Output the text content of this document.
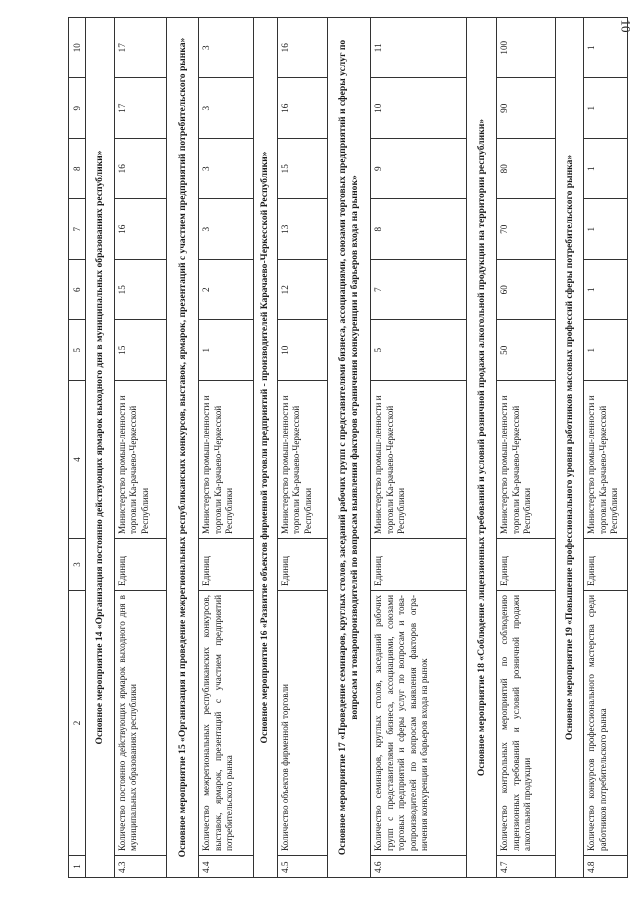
10
1	2	3	4	5	6	7	8	9	10
Основное мероприятие 14 «Организация постоянно действующих ярмарок выходного дня в муниципальных образованиях республики»									
4.3	Количество постоянно действующих ярмарок выходного дня в муниципальных образованиях республики	Единиц	Министерство промыш-ленности и торговли Ка-рачаево-Черкесской Республики	15	15	16	16	17	17
Основное мероприятие 15 «Организация и проведение межрегиональных республиканских конкурсов, выставок, ярмарок, презентаций с участием предприятий потребительского рынка»									
4.4	Количество межрегиональных республиканских конкурсов, выставок, ярмарок, презентаций с участием предприятий потребительского рынка	Единиц	Министерство промыш-ленности и торговли Ка-рачаево-Черкесской Республики	1	2	3	3	3	3
Основное мероприятие 16 «Развитие объектов фирменной торговли предприятий - производителей Карачаево-Черкесской Республики»									
4.5	Количество объектов фирменной торговли	Единиц	Министерство промыш-ленности и торговли Ка-рачаево-Черкесской Республики	10	12	13	15	16	16
Основное мероприятие 17 «Проведение семинаров, круглых столов, заседаний рабочих групп с представителями бизнеса, ассоциациями, союзами торговых предприятий и сферы услуг по вопросам и товаропроизводителей по вопросам выявления факторов ограничения конкуренции и барьеров входа на рынок»									
4.6	Количество семинаров, круглых столов, заседаний рабочих групп с представителями бизнеса, ассоциациями, союзами торговых предприятий и сферы услуг по вопросам и това-ропроизводителей по вопросам выявления факторов огра-ничения конкуренции и барьеров входа на рынок	Единиц	Министерство промыш-ленности и торговли Ка-рачаево-Черкесской Республики	5	7	8	9	10	11
Основное мероприятие 18 «Соблюдение лицензионных требований и условий розничной продажи алкогольной продукции на территории республики»									
4.7	Количество контрольных мероприятий по соблюдению лицензионных требований и условий розничной продажи алкогольной продукции	Единиц	Министерство промыш-ленности и торговли Ка-рачаево-Черкесской Республики	50	60	70	80	90	100
Основное мероприятие 19 «Повышение профессионального уровня работников массовых профессий сферы потребительского рынка»									
4.8	Количество конкурсов профессионального мастерства среди работников потребительского рынка	Единиц	Министерство промыш-ленности и торговли Ка-рачаево-Черкесской Республики	1	1	1	1	1	1
